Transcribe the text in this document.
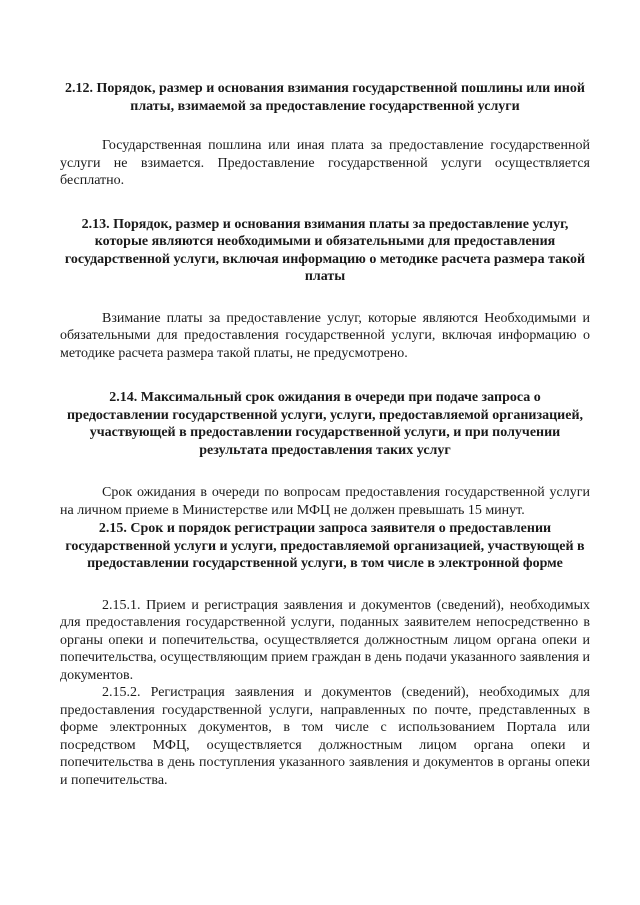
2.12. Порядок, размер и основания взимания государственной пошлины или иной платы, взимаемой за предоставление государственной услуги

Государственная пошлина или иная плата за предоставление государственной услуги не взимается. Предоставление государственной услуги осуществляется бесплатно.

2.13. Порядок, размер и основания взимания платы за предоставление услуг, которые являются необходимыми и обязательными для предоставления государственной услуги, включая информацию о методике расчета размера такой платы

Взимание платы за предоставление услуг, которые являются Необходимыми и обязательными для предоставления государственной услуги, включая информацию о методике расчета размера такой платы, не предусмотрено.

2.14. Максимальный срок ожидания в очереди при подаче запроса о предоставлении государственной услуги, услуги, предоставляемой организацией, участвующей в предоставлении государственной услуги, и при получении результата предоставления таких услуг

Срок ожидания в очереди по вопросам предоставления государственной услуги на личном приеме в Министерстве или МФЦ не должен превышать 15 минут.

2.15. Срок и порядок регистрации запроса заявителя о предоставлении государственной услуги и услуги, предоставляемой организацией, участвующей в предоставлении государственной услуги, в том числе в электронной форме

2.15.1. Прием и регистрация заявления и документов (сведений), необходимых для предоставления государственной услуги, поданных заявителем непосредственно в органы опеки и попечительства, осуществляется должностным лицом органа опеки и попечительства, осуществляющим прием граждан в день подачи указанного заявления и документов.

2.15.2. Регистрация заявления и документов (сведений), необходимых для предоставления государственной услуги, направленных по почте, представленных в форме электронных документов, в том числе с использованием Портала или посредством МФЦ, осуществляется должностным лицом органа опеки и попечительства в день поступления указанного заявления и документов в органы опеки и попечительства.
